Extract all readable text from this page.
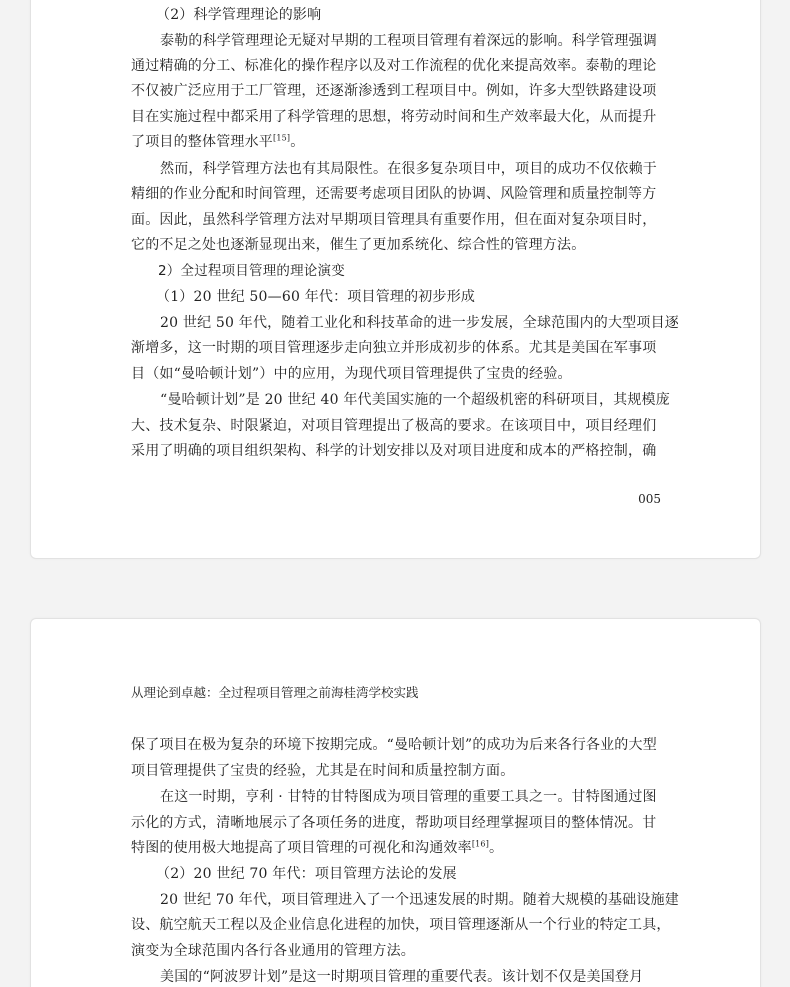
（2）科学管理理论的影响
泰勒的科学管理理论无疑对早期的工程项目管理有着深远的影响。科学管理强调
通过精确的分工、标准化的操作程序以及对工作流程的优化来提高效率。泰勒的理论
不仅被广泛应用于工厂管理，还逐渐渗透到工程项目中。例如，许多大型铁路建设项
目在实施过程中都采用了科学管理的思想，将劳动时间和生产效率最大化，从而提升
了项目的整体管理水平[15]。
然而，科学管理方法也有其局限性。在很多复杂项目中，项目的成功不仅依赖于
精细的作业分配和时间管理，还需要考虑项目团队的协调、风险管理和质量控制等方
面。因此，虽然科学管理方法对早期项目管理具有重要作用，但在面对复杂项目时，
它的不足之处也逐渐显现出来，催生了更加系统化、综合性的管理方法。
2）全过程项目管理的理论演变
（1）20 世纪 50—60 年代：项目管理的初步形成
20 世纪 50 年代，随着工业化和科技革命的进一步发展，全球范围内的大型项目逐
渐增多，这一时期的项目管理逐步走向独立并形成初步的体系。尤其是美国在军事项
目（如“曼哈顿计划”）中的应用，为现代项目管理提供了宝贵的经验。
“曼哈顿计划”是 20 世纪 40 年代美国实施的一个超级机密的科研项目，其规模庞
大、技术复杂、时限紧迫，对项目管理提出了极高的要求。在该项目中，项目经理们
采用了明确的项目组织架构、科学的计划安排以及对项目进度和成本的严格控制，确
005
从理论到卓越：全过程项目管理之前海桂湾学校实践
保了项目在极为复杂的环境下按期完成。“曼哈顿计划”的成功为后来各行各业的大型
项目管理提供了宝贵的经验，尤其是在时间和质量控制方面。
在这一时期，亨利 · 甘特的甘特图成为项目管理的重要工具之一。甘特图通过图
示化的方式，清晰地展示了各项任务的进度，帮助项目经理掌握项目的整体情况。甘
特图的使用极大地提高了项目管理的可视化和沟通效率[16]。
（2）20 世纪 70 年代：项目管理方法论的发展
20 世纪 70 年代，项目管理进入了一个迅速发展的时期。随着大规模的基础设施建
设、航空航天工程以及企业信息化进程的加快，项目管理逐渐从一个行业的特定工具，
演变为全球范围内各行各业通用的管理方法。
美国的“阿波罗计划”是这一时期项目管理的重要代表。该计划不仅是美国登月
